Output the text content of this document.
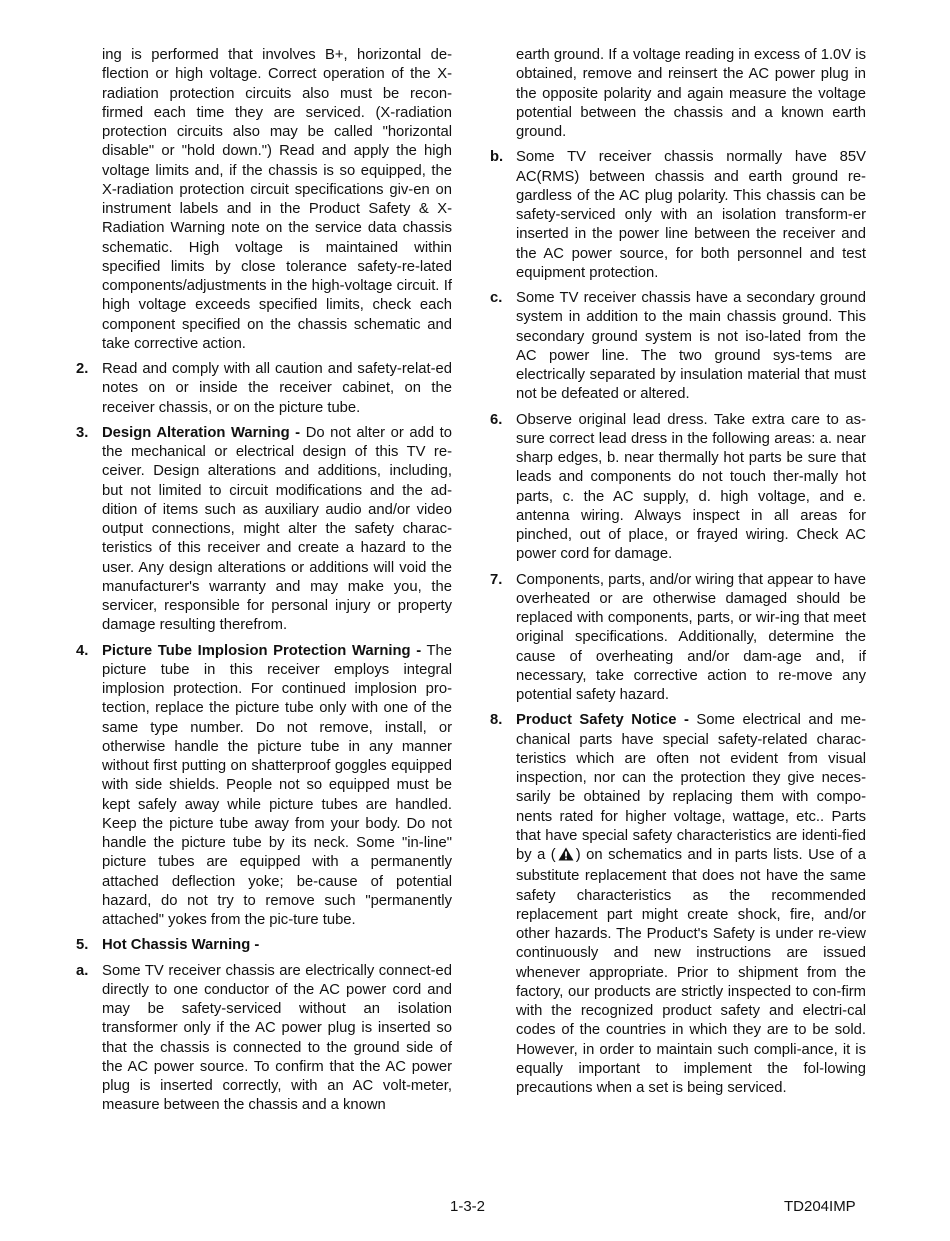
ing is performed that involves B+, horizontal de-flection or high voltage. Correct operation of the X-radiation protection circuits also must be recon-firmed each time they are serviced. (X-radiation protection circuits also may be called "horizontal disable" or "hold down.") Read and apply the high voltage limits and, if the chassis is so equipped, the X-radiation protection circuit specifications giv-en on instrument labels and in the Product Safety & X-Radiation Warning note on the service data chassis schematic. High voltage is maintained within specified limits by close tolerance safety-re-lated components/adjustments in the high-voltage circuit. If high voltage exceeds specified limits, check each component specified on the chassis schematic and take corrective action.

2. Read and comply with all caution and safety-relat-ed notes on or inside the receiver cabinet, on the receiver chassis, or on the picture tube.
3. Design Alteration Warning - Do not alter or add to the mechanical or electrical design of this TV re-ceiver. Design alterations and additions, including, but not limited to circuit modifications and the ad-dition of items such as auxiliary audio and/or video output connections, might alter the safety charac-teristics of this receiver and create a hazard to the user. Any design alterations or additions will void the manufacturer's warranty and may make you, the servicer, responsible for personal injury or property damage resulting therefrom.
4. Picture Tube Implosion Protection Warning - The picture tube in this receiver employs integral implosion protection. For continued implosion pro-tection, replace the picture tube only with one of the same type number. Do not remove, install, or otherwise handle the picture tube in any manner without first putting on shatterproof goggles equipped with side shields. People not so equipped must be kept safely away while picture tubes are handled. Keep the picture tube away from your body. Do not handle the picture tube by its neck. Some "in-line" picture tubes are equipped with a permanently attached deflection yoke; be-cause of potential hazard, do not try to remove such "permanently attached" yokes from the pic-ture tube.
5. Hot Chassis Warning -
a. Some TV receiver chassis are electrically connect-ed directly to one conductor of the AC power cord and may be safety-serviced without an isolation transformer only if the AC power plug is inserted so that the chassis is connected to the ground side of the AC power source. To confirm that the AC power plug is inserted correctly, with an AC volt-meter, measure between the chassis and a known

earth ground. If a voltage reading in excess of 1.0V is obtained, remove and reinsert the AC power plug in the opposite polarity and again measure the voltage potential between the chassis and a known earth ground.

b. Some TV receiver chassis normally have 85V AC(RMS) between chassis and earth ground re-gardless of the AC plug polarity. This chassis can be safety-serviced only with an isolation transform-er inserted in the power line between the receiver and the AC power source, for both personnel and test equipment protection.
c. Some TV receiver chassis have a secondary ground system in addition to the main chassis ground. This secondary ground system is not iso-lated from the AC power line. The two ground sys-tems are electrically separated by insulation material that must not be defeated or altered.
6. Observe original lead dress. Take extra care to as-sure correct lead dress in the following areas: a. near sharp edges, b. near thermally hot parts be sure that leads and components do not touch ther-mally hot parts, c. the AC supply, d. high voltage, and e. antenna wiring. Always inspect in all areas for pinched, out of place, or frayed wiring. Check AC power cord for damage.
7. Components, parts, and/or wiring that appear to have overheated or are otherwise damaged should be replaced with components, parts, or wir-ing that meet original specifications. Additionally, determine the cause of overheating and/or dam-age and, if necessary, take corrective action to re-move any potential safety hazard.
8. Product Safety Notice - Some electrical and me-chanical parts have special safety-related charac-teristics which are often not evident from visual inspection, nor can the protection they give neces-sarily be obtained by replacing them with compo-nents rated for higher voltage, wattage, etc.. Parts that have special safety characteristics are identi-fied by a ( ) on schematics and in parts lists. Use of a substitute replacement that does not have the same safety characteristics as the recommended replacement part might create shock, fire, and/or other hazards. The Product's Safety is under re-view continuously and new instructions are issued whenever appropriate. Prior to shipment from the factory, our products are strictly inspected to con-firm with the recognized product safety and electri-cal codes of the countries in which they are to be sold. However, in order to maintain such compli-ance, it is equally important to implement the fol-lowing precautions when a set is being serviced.
1-3-2	TD204IMP
